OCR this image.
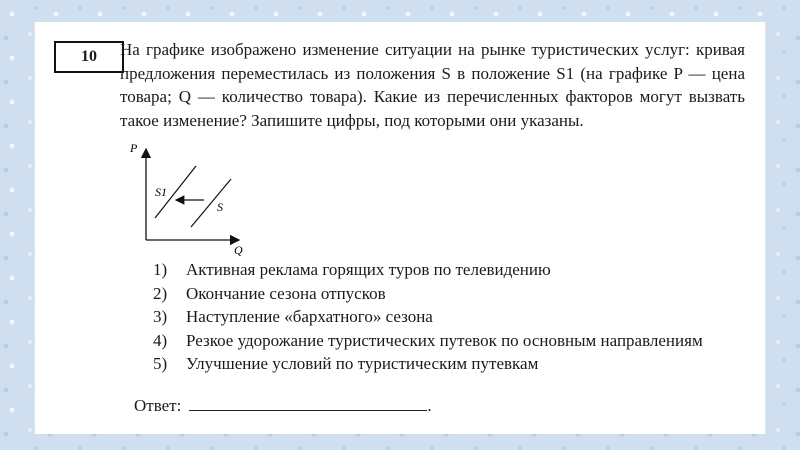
10	На графике изображено изменение ситуации на рынке туристических услуг: кривая предложения переместилась из положения S в положение S1 (на графике P — цена товара; Q — количество товара). Какие из перечисленных факторов могут вызвать такое изменение? Запишите цифры, под которыми они указаны.

P
Q
S1
S
1)	Активная реклама горящих туров по телевидению
2)	Окончание сезона отпусков
3)	Наступление «бархатного» сезона
4)	Резкое удорожание туристических путевок по основным направлениям
5)	Улучшение условий по туристическим путевкам
Ответ:	.
